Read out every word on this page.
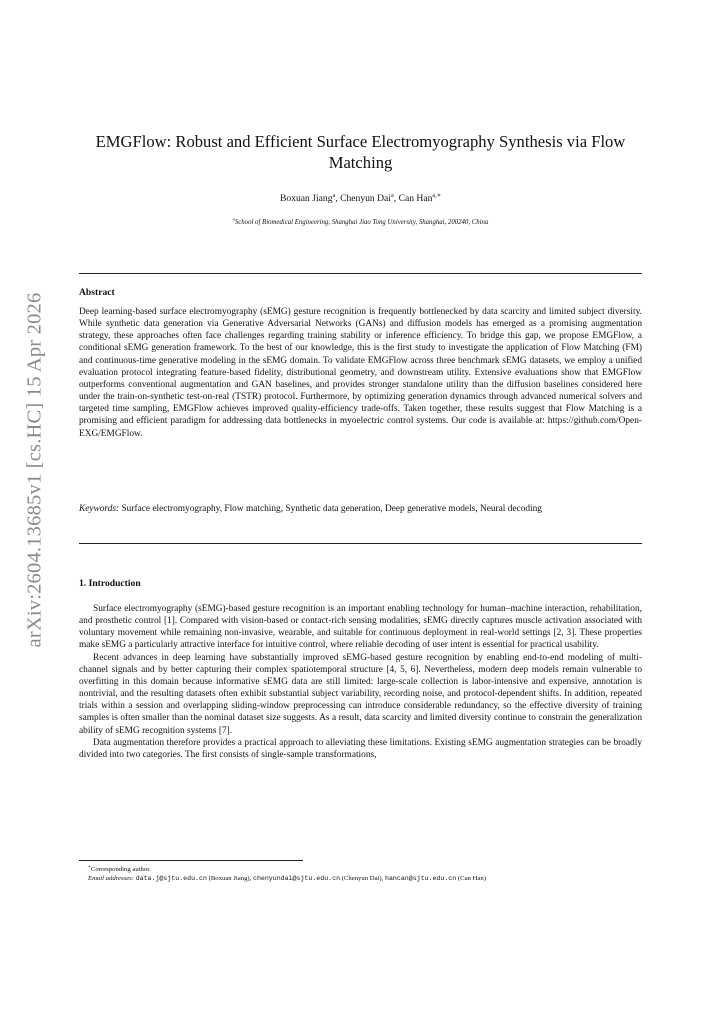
arXiv:2604.13685v1 [cs.HC] 15 Apr 2026
EMGFlow: Robust and Efficient Surface Electromyography Synthesis via Flow Matching
Boxuan Jiang$^a$, Chenyun Dai$^a$, Can Han$^{a,∗}$
$^a$School of Biomedical Engineering, Shanghai Jiao Tong University, Shanghai, 200240, China
Abstract
Deep learning-based surface electromyography (sEMG) gesture recognition is frequently bottlenecked by data scarcity and limited subject diversity. While synthetic data generation via Generative Adversarial Networks (GANs) and diffusion models has emerged as a promising augmentation strategy, these approaches often face challenges regarding training stability or inference efficiency. To bridge this gap, we propose EMGFlow, a conditional sEMG generation framework. To the best of our knowledge, this is the first study to investigate the application of Flow Matching (FM) and continuous-time generative modeling in the sEMG domain. To validate EMGFlow across three benchmark sEMG datasets, we employ a unified evaluation protocol integrating feature-based fidelity, distributional geometry, and downstream utility. Extensive evaluations show that EMGFlow outperforms conventional augmentation and GAN baselines, and provides stronger standalone utility than the diffusion baselines considered here under the train-on-synthetic test-on-real (TSTR) protocol. Furthermore, by optimizing generation dynamics through advanced numerical solvers and targeted time sampling, EMGFlow achieves improved quality-efficiency trade-offs. Taken together, these results suggest that Flow Matching is a promising and efficient paradigm for addressing data bottlenecks in myoelectric control systems. Our code is available at: https://github.com/Open-EXG/EMGFlow.
Keywords: Surface electromyography, Flow matching, Synthetic data generation, Deep generative models, Neural decoding
1. Introduction

Surface electromyography (sEMG)-based gesture recognition is an important enabling technology for human–machine interaction, rehabilitation, and prosthetic control [1]. Compared with vision-based or contact-rich sensing modalities, sEMG directly captures muscle activation associated with voluntary movement while remaining non-invasive, wearable, and suitable for continuous deployment in real-world settings [2, 3]. These properties make sEMG a particularly attractive interface for intuitive control, where reliable decoding of user intent is essential for practical usability.

Recent advances in deep learning have substantially improved sEMG-based gesture recognition by enabling end-to-end modeling of multi-channel signals and by better capturing their complex spatiotemporal structure [4, 5, 6]. Nevertheless, modern deep models remain vulnerable to overfitting in this domain because informative sEMG data are still limited: large-scale collection is labor-intensive and expensive, annotation is nontrivial, and the resulting datasets often exhibit substantial subject variability, recording noise, and protocol-dependent shifts. In addition, repeated trials within a session and overlapping sliding-window preprocessing can introduce considerable redundancy, so the effective diversity of training samples is often smaller than the nominal dataset size suggests. As a result, data scarcity and limited diversity continue to constrain the generalization ability of sEMG recognition systems [7].

Data augmentation therefore provides a practical approach to alleviating these limitations. Existing sEMG augmentation strategies can be broadly divided into two categories. The first consists of single-sample transformations,

∗Corresponding author.
Email addresses: data.j@sjtu.edu.cn (Boxuan Jiang), chenyundai@sjtu.edu.cn (Chenyun Dai), hancan@sjtu.edu.cn (Can Han)
